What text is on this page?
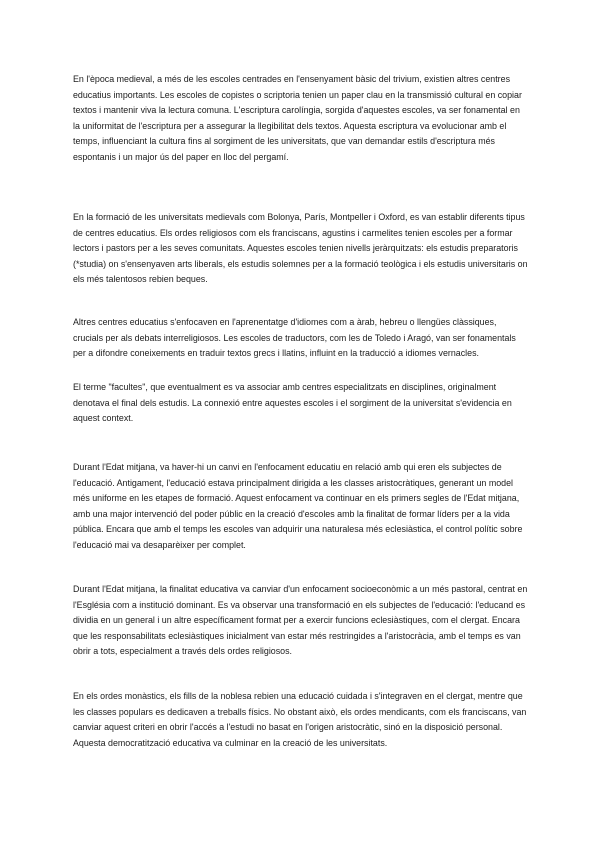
En l'època medieval, a més de les escoles centrades en l'ensenyament bàsic del trivium, existien altres centres educatius importants. Les escoles de copistes o scriptoria tenien un paper clau en la transmissió cultural en copiar textos i mantenir viva la lectura comuna. L'escriptura carolíngia, sorgida d'aquestes escoles, va ser fonamental en la uniformitat de l'escriptura per a assegurar la llegibilitat dels textos. Aquesta escriptura va evolucionar amb el temps, influenciant la cultura fins al sorgiment de les universitats, que van demandar estils d'escriptura més espontanis i un major ús del paper en lloc del pergamí.

En la formació de les universitats medievals com Bolonya, París, Montpeller i Oxford, es van establir diferents tipus de centres educatius. Els ordes religiosos com els franciscans, agustins i carmelites tenien escoles per a formar lectors i pastors per a les seves comunitats. Aquestes escoles tenien nivells jeràrquitzats: els estudis preparatoris (*studia) on s'ensenyaven arts liberals, els estudis solemnes per a la formació teològica i els estudis universitaris on els més talentosos rebien beques.

Altres centres educatius s'enfocaven en l'aprenentatge d'idiomes com a àrab, hebreu o llengües clàssiques, crucials per als debats interreligiosos. Les escoles de traductors, com les de Toledo i Aragó, van ser fonamentals per a difondre coneixements en traduir textos grecs i llatins, influint en la traducció a idiomes vernacles.

El terme "facultes", que eventualment es va associar amb centres especialitzats en disciplines, originalment denotava el final dels estudis. La connexió entre aquestes escoles i el sorgiment de la universitat s'evidencia en aquest context.

Durant l'Edat mitjana, va haver-hi un canvi en l'enfocament educatiu en relació amb qui eren els subjectes de l'educació. Antigament, l'educació estava principalment dirigida a les classes aristocràtiques, generant un model més uniforme en les etapes de formació. Aquest enfocament va continuar en els primers segles de l'Edat mitjana, amb una major intervenció del poder públic en la creació d'escoles amb la finalitat de formar líders per a la vida pública. Encara que amb el temps les escoles van adquirir una naturalesa més eclesiàstica, el control polític sobre l'educació mai va desaparèixer per complet.

Durant l'Edat mitjana, la finalitat educativa va canviar d'un enfocament socioeconòmic a un més pastoral, centrat en l'Església com a institució dominant. Es va observar una transformació en els subjectes de l'educació: l'educand es dividia en un general i un altre específicament format per a exercir funcions eclesiàstiques, com el clergat. Encara que les responsabilitats eclesiàstiques inicialment van estar més restringides a l'aristocràcia, amb el temps es van obrir a tots, especialment a través dels ordes religiosos.

En els ordes monàstics, els fills de la noblesa rebien una educació cuidada i s'integraven en el clergat, mentre que les classes populars es dedicaven a treballs físics. No obstant això, els ordes mendicants, com els franciscans, van canviar aquest criteri en obrir l'accés a l'estudi no basat en l'origen aristocràtic, sinó en la disposició personal. Aquesta democratització educativa va culminar en la creació de les universitats.
